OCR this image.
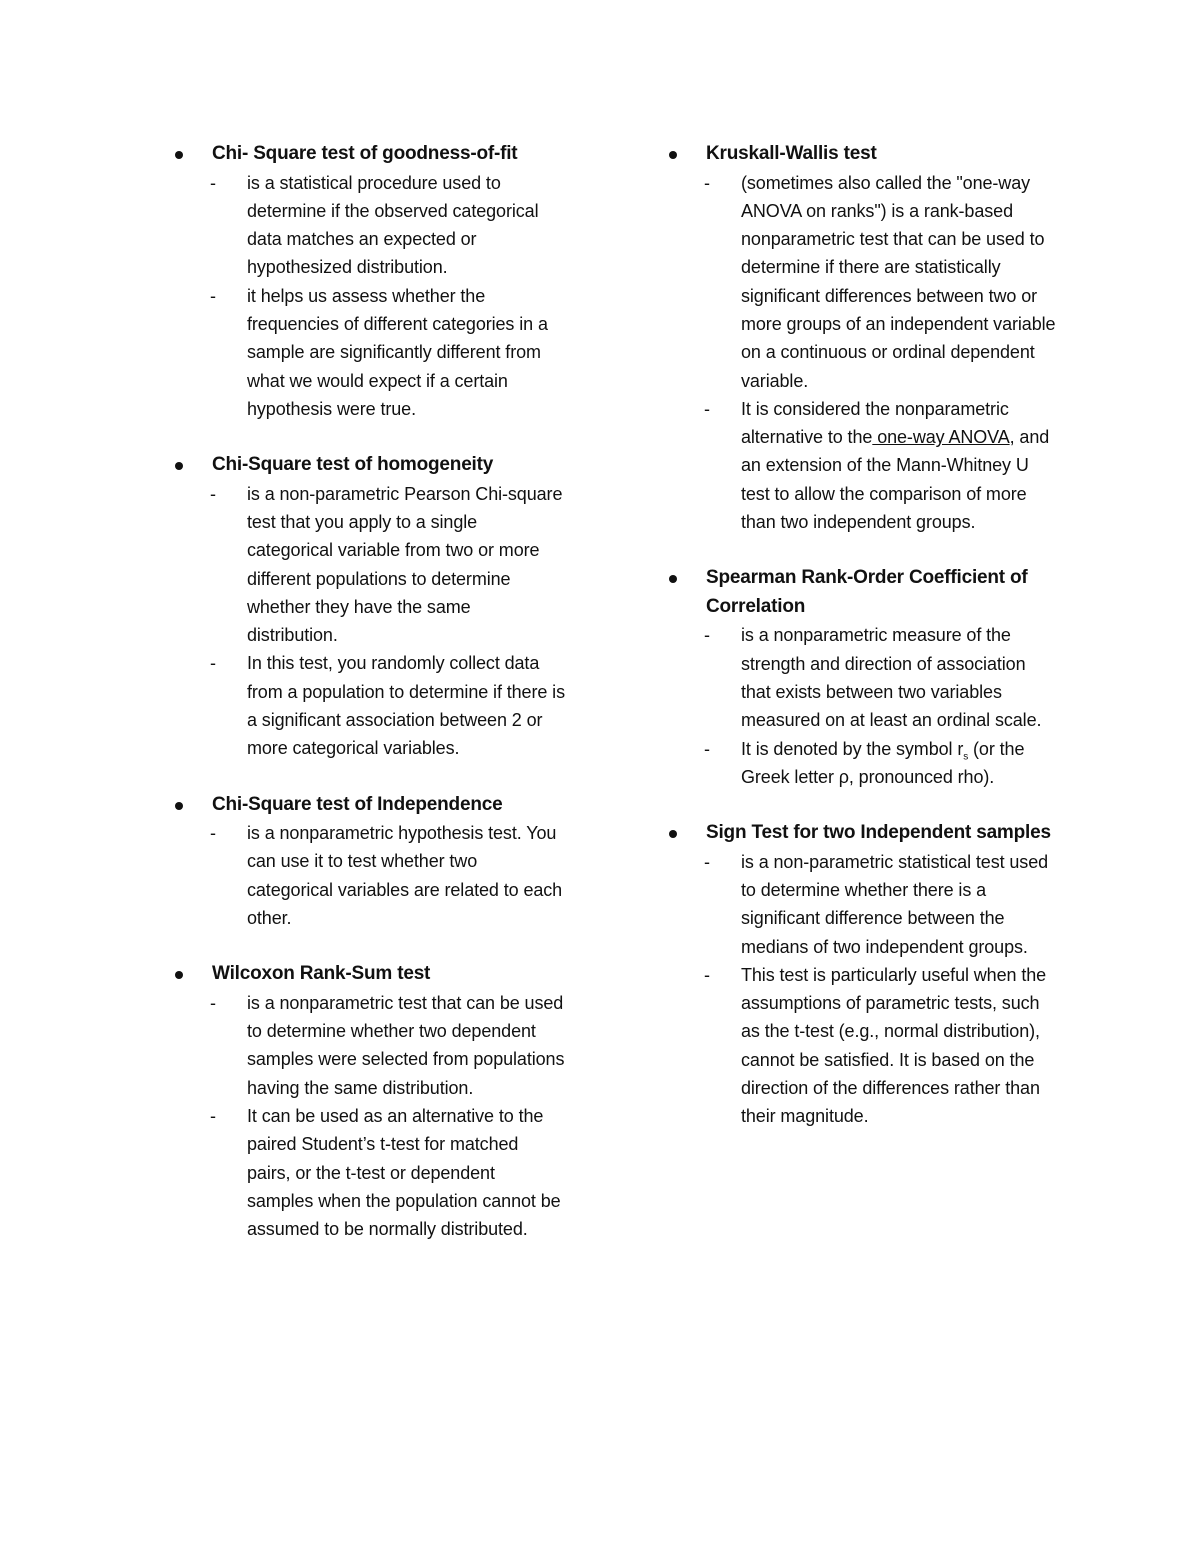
Chi- Square test of goodness-of-fit
- is a statistical procedure used to determine if the observed categorical data matches an expected or hypothesized distribution.
- it helps us assess whether the frequencies of different categories in a sample are significantly different from what we would expect if a certain hypothesis were true.
Chi-Square test of homogeneity
- is a non-parametric Pearson Chi-square test that you apply to a single categorical variable from two or more different populations to determine whether they have the same distribution.
- In this test, you randomly collect data from a population to determine if there is a significant association between 2 or more categorical variables.
Chi-Square test of Independence
- is a nonparametric hypothesis test. You can use it to test whether two categorical variables are related to each other.
Wilcoxon Rank-Sum test
- is a nonparametric test that can be used to determine whether two dependent samples were selected from populations having the same distribution.
- It can be used as an alternative to the paired Student’s t-test for matched pairs, or the t-test or dependent samples when the population cannot be assumed to be normally distributed.
Kruskall-Wallis test
- (sometimes also called the "one-way ANOVA on ranks") is a rank-based nonparametric test that can be used to determine if there are statistically significant differences between two or more groups of an independent variable on a continuous or ordinal dependent variable.
- It is considered the nonparametric alternative to the one-way ANOVA, and an extension of the Mann-Whitney U test to allow the comparison of more than two independent groups.
Spearman Rank-Order Coefficient of Correlation
- is a nonparametric measure of the strength and direction of association that exists between two variables measured on at least an ordinal scale.
- It is denoted by the symbol $r_s$ (or the Greek letter ρ, pronounced rho).
Sign Test for two Independent samples
- is a non-parametric statistical test used to determine whether there is a significant difference between the medians of two independent groups.
- This test is particularly useful when the assumptions of parametric tests, such as the t-test (e.g., normal distribution), cannot be satisfied. It is based on the direction of the differences rather than their magnitude.
